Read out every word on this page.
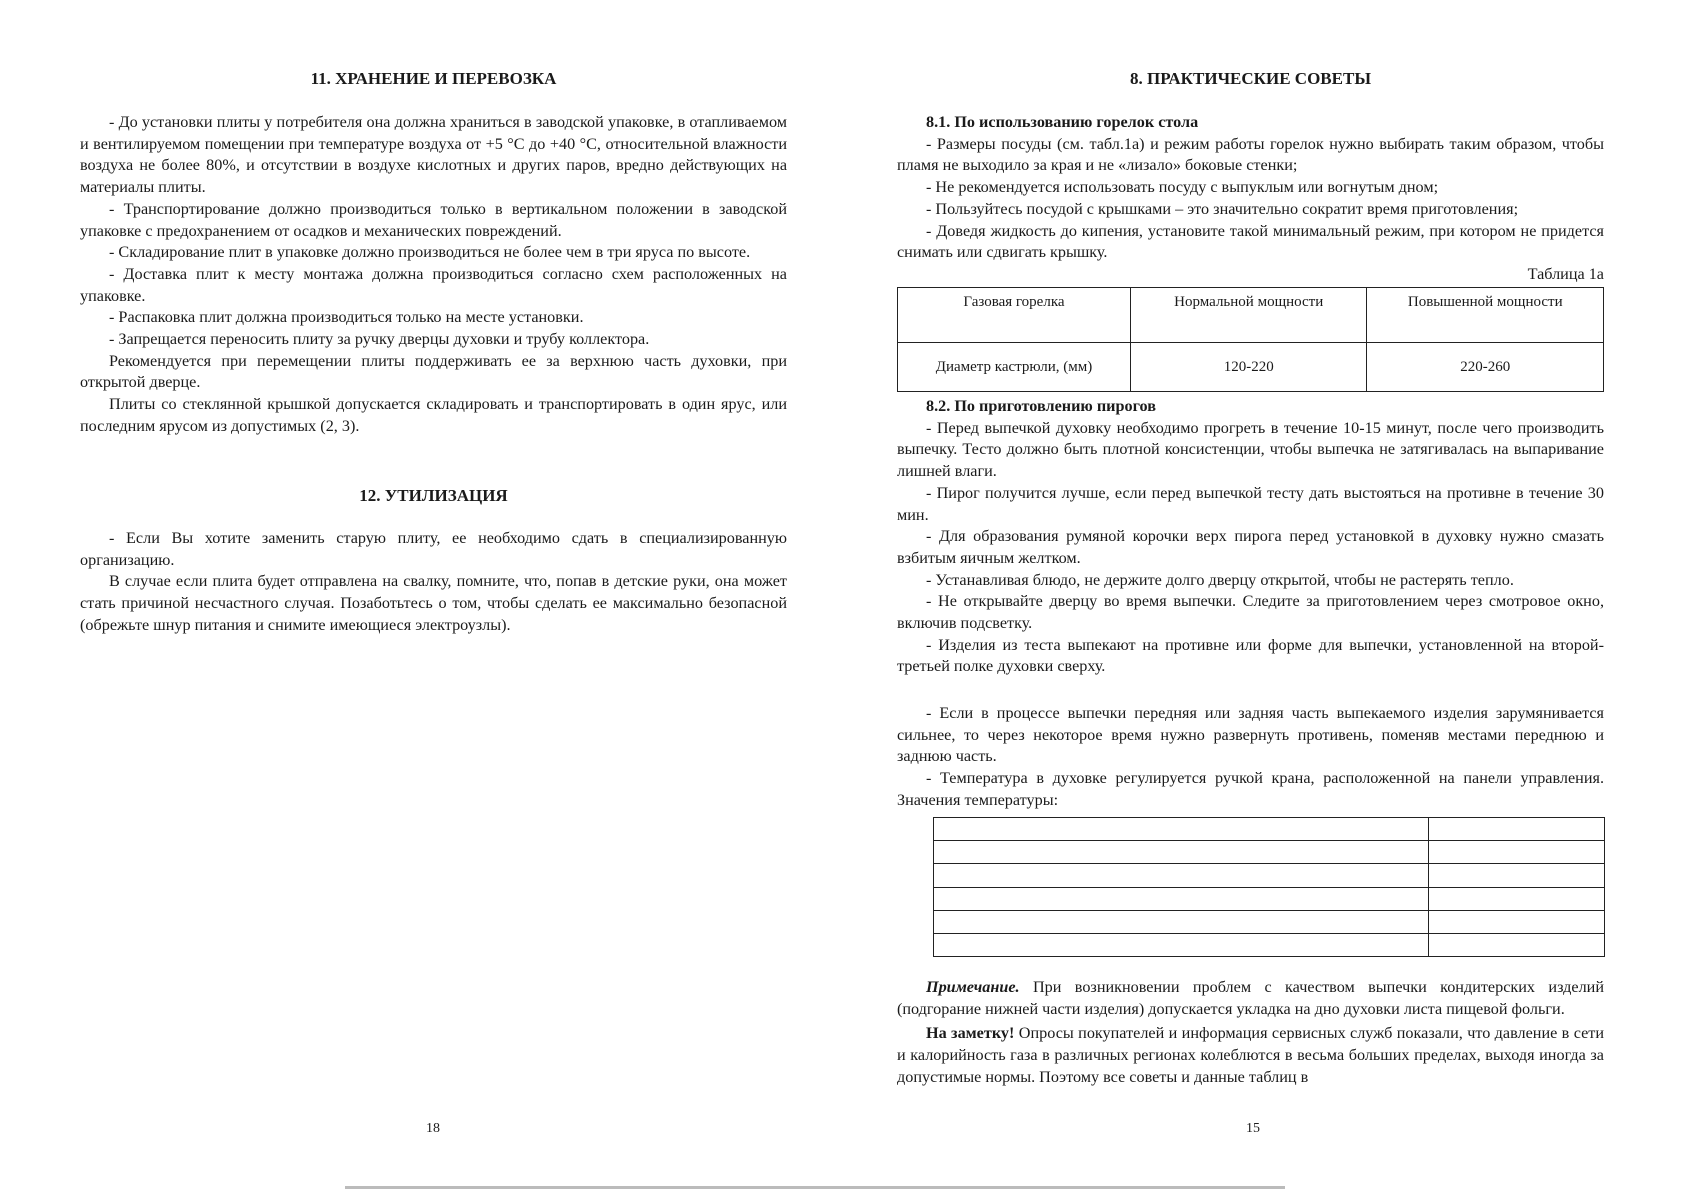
11. ХРАНЕНИЕ И ПЕРЕВОЗКА

- До установки плиты у потребителя она должна храниться в заводской упаковке, в отапливаемом и вентилируемом помещении при температуре воздуха от +5 °С до +40 °С, относительной влажности воздуха не более 80%, и отсутствии в воздухе кислотных и других паров, вредно действующих на материалы плиты.

- Транспортирование должно производиться только в вертикальном положении в заводской упаковке с предохранением от осадков и механических повреждений.

- Складирование плит в упаковке должно производиться не более чем в три яруса по высоте.

- Доставка плит к месту монтажа должна производиться согласно схем расположенных на упаковке.

- Распаковка плит должна производиться только на месте установки.

- Запрещается переносить плиту за ручку дверцы духовки и трубу коллектора.

Рекомендуется при перемещении плиты поддерживать ее за верхнюю часть духовки, при открытой дверце.

Плиты со стеклянной крышкой допускается складировать и транспортировать в один ярус, или последним ярусом из допустимых (2, 3).

12. УТИЛИЗАЦИЯ

- Если Вы хотите заменить старую плиту, ее необходимо сдать в специализированную организацию.

В случае если плита будет отправлена на свалку, помните, что, попав в детские руки, она может стать причиной несчастного случая. Позаботьтесь о том, чтобы сделать ее максимально безопасной (обрежьте шнур питания и снимите имеющиеся электроузлы).

18
8. ПРАКТИЧЕСКИЕ СОВЕТЫ

8.1. По использованию горелок стола

- Размеры посуды (см. табл.1а) и режим работы горелок нужно выбирать таким образом, чтобы пламя не выходило за края и не «лизало» боковые стенки;

- Не рекомендуется использовать посуду с выпуклым или вогнутым дном;

- Пользуйтесь посудой с крышками – это значительно сократит время приготовления;

- Доведя жидкость до кипения, установите такой минимальный режим, при котором не придется снимать или сдвигать крышку.

Таблица 1а
Газовая горелка	Нормальной мощности	Повышенной мощности
Диаметр кастрюли, (мм)	120-220	220-260

8.2. По приготовлению пирогов

- Перед выпечкой духовку необходимо прогреть в течение 10-15 минут, после чего производить выпечку. Тесто должно быть плотной консистенции, чтобы выпечка не затягивалась на выпаривание лишней влаги.

- Пирог получится лучше, если перед выпечкой тесту дать выстояться на противне в течение 30 мин.

- Для образования румяной корочки верх пирога перед установкой в духовку нужно смазать взбитым яичным желтком.

- Устанавливая блюдо, не держите долго дверцу открытой, чтобы не растерять тепло.

- Не открывайте дверцу во время выпечки. Следите за приготовлением через смотровое окно, включив подсветку.

- Изделия из теста выпекают на противне или форме для выпечки, установленной на второй-третьей полке духовки сверху.

- Если в процессе выпечки передняя или задняя часть выпекаемого изделия зарумянивается сильнее, то через некоторое время нужно развернуть противень, поменяв местами переднюю и заднюю часть.

- Температура в духовке регулируется ручкой крана, расположенной на панели управления. Значения температуры:

Примечание. При возникновении проблем с качеством выпечки кондитерских изделий (подгорание нижней части изделия) допускается укладка на дно духовки листа пищевой фольги.

На заметку! Опросы покупателей и информация сервисных служб показали, что давление в сети и калорийность газа в различных регионах колеблются в весьма больших пределах, выходя иногда за допустимые нормы. Поэтому все советы и данные таблиц в

15
